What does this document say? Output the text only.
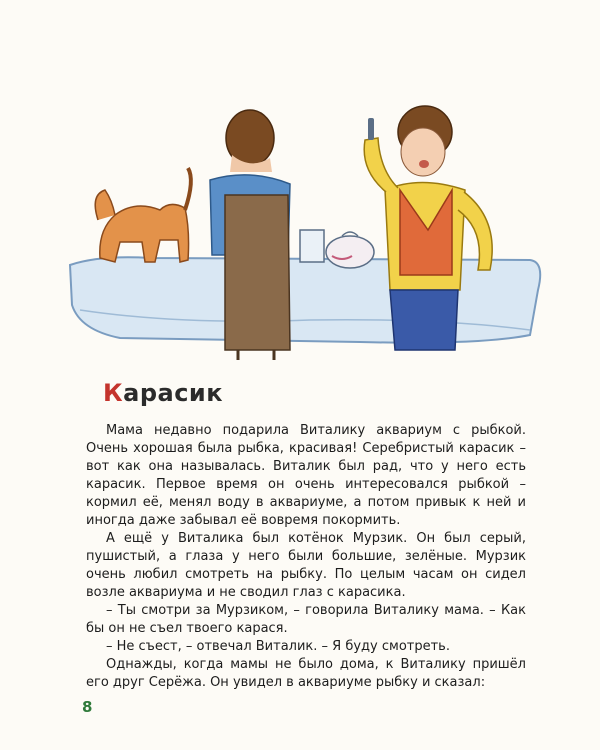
Карасик

Мама недавно подарила Виталику аквариум с рыбкой. Очень хорошая была рыбка, красивая! Серебристый карасик – вот как она называлась. Виталик был рад, что у него есть карасик. Первое время он очень интересовался рыбкой – кормил её, менял воду в аквариуме, а потом привык к ней и иногда даже забывал её вовремя покормить.

А ещё у Виталика был котёнок Мурзик. Он был серый, пушистый, а глаза у него были большие, зелёные. Мурзик очень любил смотреть на рыбку. По целым часам он сидел возле аквариума и не сводил глаз с карасика.

– Ты смотри за Мурзиком, – говорила Виталику мама. – Как бы он не съел твоего карася.

– Не съест, – отвечал Виталик. – Я буду смотреть.

Однажды, когда мамы не было дома, к Виталику пришёл его друг Серёжа. Он увидел в аквариуме рыбку и сказал:

8
